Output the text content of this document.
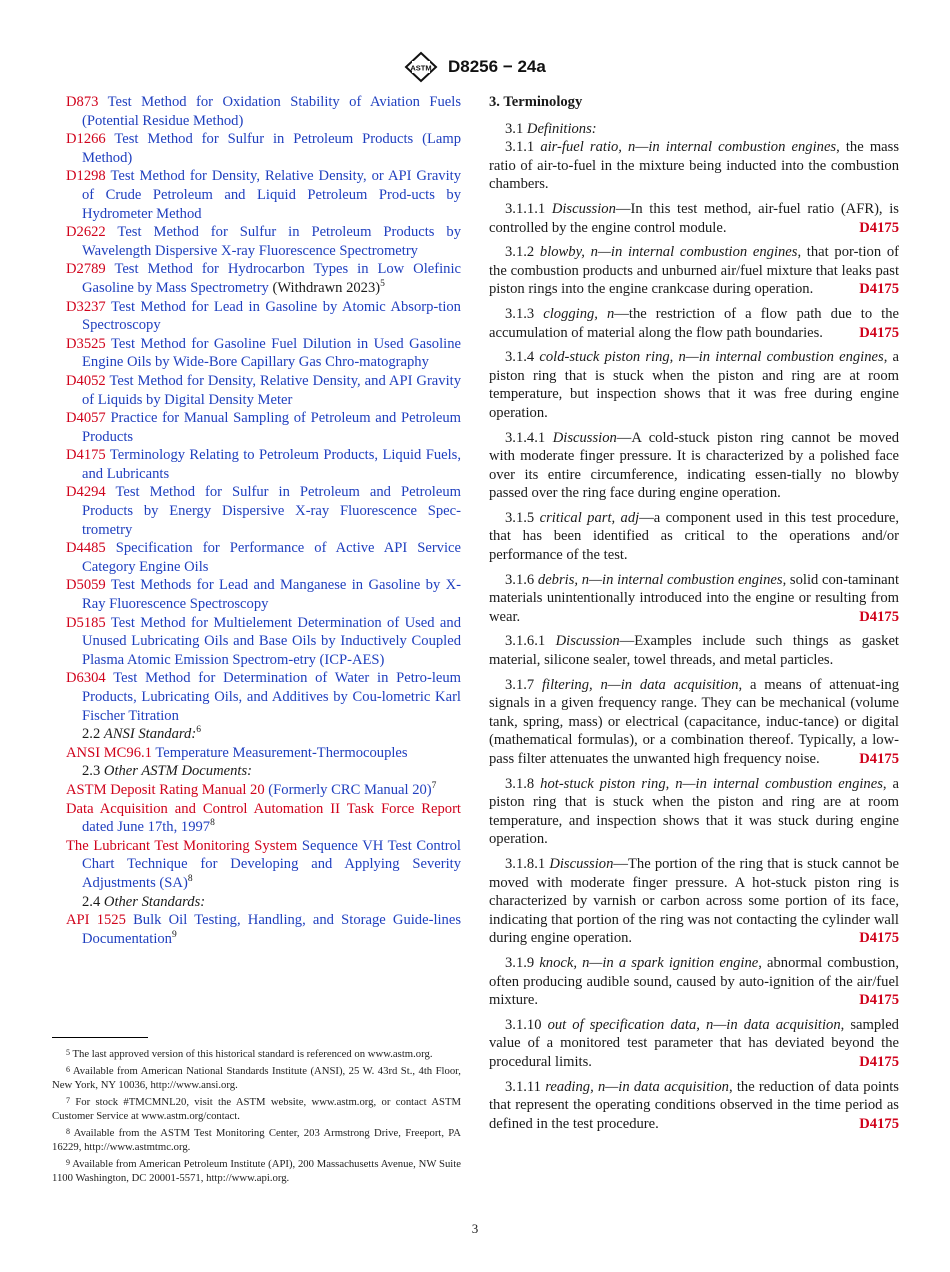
ASTM D8256 − 24a

D873 Test Method for Oxidation Stability of Aviation Fuels (Potential Residue Method)

D1266 Test Method for Sulfur in Petroleum Products (Lamp Method)

D1298 Test Method for Density, Relative Density, or API Gravity of Crude Petroleum and Liquid Petroleum Prod-ucts by Hydrometer Method

D2622 Test Method for Sulfur in Petroleum Products by Wavelength Dispersive X-ray Fluorescence Spectrometry

D2789 Test Method for Hydrocarbon Types in Low Olefinic Gasoline by Mass Spectrometry (Withdrawn 2023)$^5$

D3237 Test Method for Lead in Gasoline by Atomic Absorp-tion Spectroscopy

D3525 Test Method for Gasoline Fuel Dilution in Used Gasoline Engine Oils by Wide-Bore Capillary Gas Chro-matography

D4052 Test Method for Density, Relative Density, and API Gravity of Liquids by Digital Density Meter

D4057 Practice for Manual Sampling of Petroleum and Petroleum Products

D4175 Terminology Relating to Petroleum Products, Liquid Fuels, and Lubricants

D4294 Test Method for Sulfur in Petroleum and Petroleum Products by Energy Dispersive X-ray Fluorescence Spec-trometry

D4485 Specification for Performance of Active API Service Category Engine Oils

D5059 Test Methods for Lead and Manganese in Gasoline by X-Ray Fluorescence Spectroscopy

D5185 Test Method for Multielement Determination of Used and Unused Lubricating Oils and Base Oils by Inductively Coupled Plasma Atomic Emission Spectrom-etry (ICP-AES)

D6304 Test Method for Determination of Water in Petro-leum Products, Lubricating Oils, and Additives by Cou-lometric Karl Fischer Titration

2.2 ANSI Standard:$^6$

ANSI MC96.1 Temperature Measurement-Thermocouples

2.3 Other ASTM Documents:

ASTM Deposit Rating Manual 20 (Formerly CRC Manual 20)$^7$

Data Acquisition and Control Automation II Task Force Report dated June 17th, 1997$^8$

The Lubricant Test Monitoring System Sequence VH Test Control Chart Technique for Developing and Applying Severity Adjustments (SA)$^8$

2.4 Other Standards:

API 1525 Bulk Oil Testing, Handling, and Storage Guide-lines Documentation$^9$

5 The last approved version of this historical standard is referenced on www.astm.org.

6 Available from American National Standards Institute (ANSI), 25 W. 43rd St., 4th Floor, New York, NY 10036, http://www.ansi.org.

7 For stock #TMCMNL20, visit the ASTM website, www.astm.org, or contact ASTM Customer Service at www.astm.org/contact.

8 Available from the ASTM Test Monitoring Center, 203 Armstrong Drive, Freeport, PA 16229, http://www.astmtmc.org.

9 Available from American Petroleum Institute (API), 200 Massachusetts Avenue, NW Suite 1100 Washington, DC 20001-5571, http://www.api.org.

3. Terminology

3.1 Definitions:

3.1.1 air-fuel ratio, n—in internal combustion engines, the mass ratio of air-to-fuel in the mixture being inducted into the combustion chambers.

3.1.1.1 Discussion—In this test method, air-fuel ratio (AFR), is controlled by the engine control module.	D4175

3.1.2 blowby, n—in internal combustion engines, that por-tion of the combustion products and unburned air/fuel mixture that leaks past piston rings into the engine crankcase during operation.	D4175

3.1.3 clogging, n—the restriction of a flow path due to the accumulation of material along the flow path boundaries.	D4175

3.1.4 cold-stuck piston ring, n—in internal combustion engines, a piston ring that is stuck when the piston and ring are at room temperature, but inspection shows that it was free during engine operation.

3.1.4.1 Discussion—A cold-stuck piston ring cannot be moved with moderate finger pressure. It is characterized by a polished face over its entire circumference, indicating essen-tially no blowby passed over the ring face during engine operation.

3.1.5 critical part, adj—a component used in this test procedure, that has been identified as critical to the operations and/or performance of the test.

3.1.6 debris, n—in internal combustion engines, solid con-taminant materials unintentionally introduced into the engine or resulting from wear.	D4175

3.1.6.1 Discussion—Examples include such things as gasket material, silicone sealer, towel threads, and metal particles.

3.1.7 filtering, n—in data acquisition, a means of attenuat-ing signals in a given frequency range. They can be mechanical (volume tank, spring, mass) or electrical (capacitance, induc-tance) or digital (mathematical formulas), or a combination thereof. Typically, a low-pass filter attenuates the unwanted high frequency noise.	D4175

3.1.8 hot-stuck piston ring, n—in internal combustion engines, a piston ring that is stuck when the piston and ring are at room temperature, and inspection shows that it was stuck during engine operation.

3.1.8.1 Discussion—The portion of the ring that is stuck cannot be moved with moderate finger pressure. A hot-stuck piston ring is characterized by varnish or carbon across some portion of its face, indicating that portion of the ring was not contacting the cylinder wall during engine operation.	D4175

3.1.9 knock, n—in a spark ignition engine, abnormal combustion, often producing audible sound, caused by auto-ignition of the air/fuel mixture.	D4175

3.1.10 out of specification data, n—in data acquisition, sampled value of a monitored test parameter that has deviated beyond the procedural limits.	D4175

3.1.11 reading, n—in data acquisition, the reduction of data points that represent the operating conditions observed in the time period as defined in the test procedure.	D4175

3
